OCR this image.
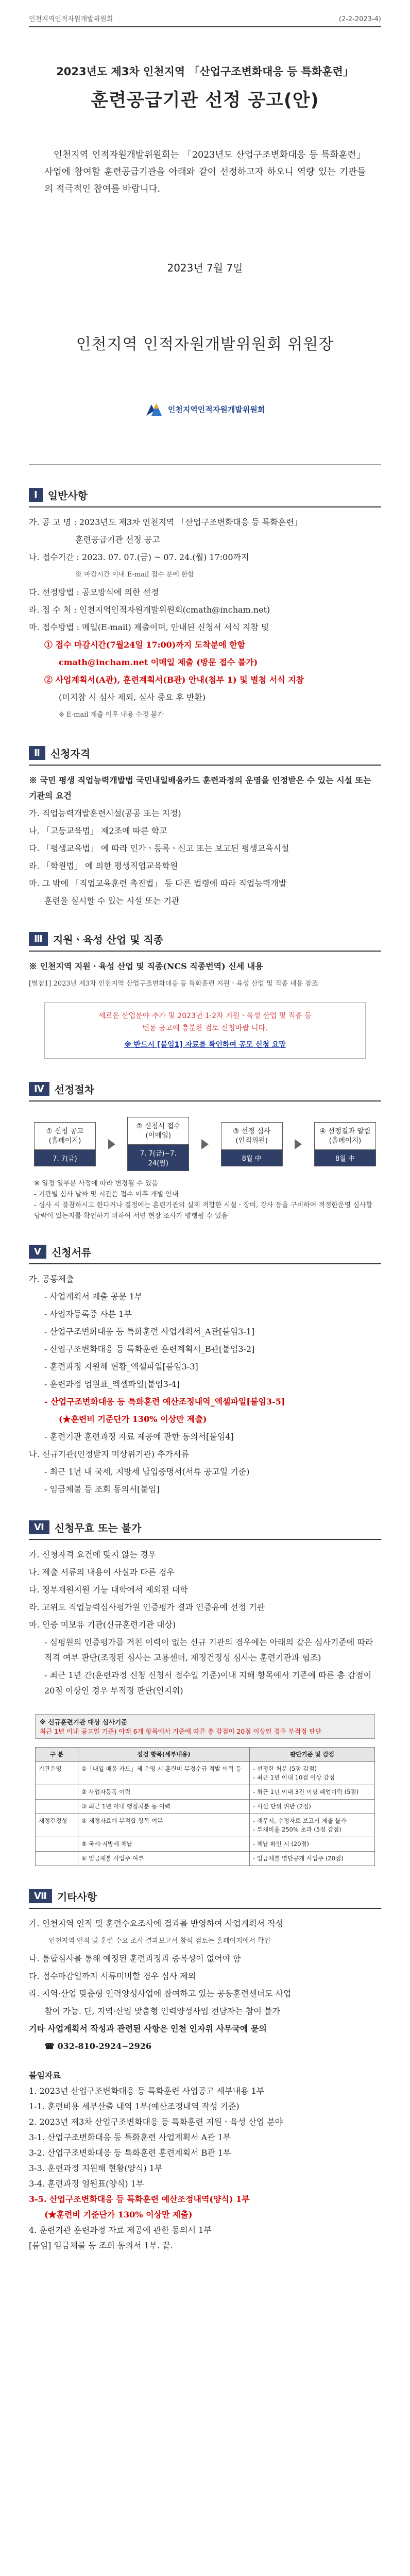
인천지역인적자원개발위원회	(2-2-2023-4)
2023년도 제3차 인천지역 「산업구조변화대응 등 특화훈련」
훈련공급기관 선정 공고(안)

인천지역 인적자원개발위원회는 「2023년도 산업구조변화대응 등 특화훈련」 사업에 참여할 훈련공급기관을 아래와 같이 선정하고자 하오니 역량 있는 기관들의 적극적인 참여를 바랍니다.

2023년 7월 7일
인천지역 인적자원개발위원회 위원장
인천지역인적자원개발위원회
Ⅰ	일반사항

가. 공 고 명 : 2023년도 제3차 인천지역 「산업구조변화대응 등 특화훈련」

훈련공급기관 선정 공고

나. 접수기간 : 2023. 07. 07.(금) ~ 07. 24.(월) 17:00까지

※ 마감시간 이내 E-mail 접수 분에 한함

다. 선정방법 : 공모방식에 의한 선정

라. 접 수 처 : 인천지역인적자원개발위원회(cmath@incham.net)

마. 접수방법 : 메일(E-mail) 제출이며, 안내된 신청서 서식 지참 및

① 접수 마감시간(7월24일 17:00)까지 도착분에 한함

cmath@incham.net 이메일 제출 (방문 접수 불가)

② 사업계획서(A관), 훈련계획서(B관) 안내(첨부 1) 및 별첨 서식 지참

(미지참 시 심사 제외, 심사 중요 후 반환)

※ E-mail 제출 이후 내용 수정 불가

Ⅱ	신청자격

※ 국민 평생 직업능력개발법 국민내일배움카드 훈련과정의 운영을 인정받은 수 있는 시설 또는 기관의 요건

가. 직업능력개발훈련시설(공공 또는 지정)

나. 「고등교육법」 제2조에 따른 학교

다. 「평생교육법」 에 따라 인가ㆍ등록ㆍ신고 또는 보고된 평생교육시설

라. 「학원법」 에 의한 평생직업교육학원

마. 그 밖에 「직업교육훈련 촉진법」 등 다른 법령에 따라 직업능력개발

훈련을 실시할 수 있는 시설 또는 기관

Ⅲ	지원ㆍ육성 산업 및 직종

※ 인천지역 지원ㆍ육성 산업 및 직종(NCS 직종번역) 신세 내용

[별첨1] 2023년 제3차 인천지역 산업구조변화대응 등 특화훈련 지원ㆍ육성 산업 및 직종 내용 참조

세로운 산업분야 추가 및 2023년 1·2차 지원ㆍ육성 산업 및 직종 등
변동 공고에 충분한 검토 신청바랍 니다.
※ 반드시 [붙임1] 자료를 확인하여 공모 신청 요망
Ⅳ	선정절차
① 신청 공고
(홈페이지)
7. 7(금)
② 신청서 접수
(이메일)
7. 7(금)~7. 24(월)
③ 선정 심사
(인적위원)
8월 中
④ 선정결과 알림
(홈페이지)
8월 中
※ 일정 일부분 사정에 따라 변경될 수 있음
- 기관별 심사 날짜 및 시간은 접수 이후 개별 안내
- 심사 시 불참하시고 한다거나 결정에는 훈련기관의 실제 적합한 시설ㆍ장비, 강사 등을 구비하여 적정한운영 심사할 당락이 있는지를 확인하기 위하여 서면 현장 조사가 병행될 수 있음
Ⅴ	신청서류

가. 공통제출

- 사업계획서 제출 공문 1부

- 사업자등록증 사본 1부

- 산업구조변화대응 등 특화훈련 사업계획서_A관[붙임3-1]

- 산업구조변화대응 등 특화훈련 훈련계획서_B관[붙임3-2]

- 훈련과정 지원해 현황_엑셀파일[붙임3-3]

- 훈련과정 엄원표_엑셀파일[붙임3-4]

- 산업구조변화대응 등 특화훈련 예산조정내역_엑셀파일[붙임3-5]

(★훈련비 기준단가 130% 이상만 제출)

- 훈련기관 훈련과정 자료 제공에 관한 동의서[붙임4]

나. 신규기관(인정받지 미상위기관) 추가서류

- 최근 1년 내 국세, 지방세 납입증명서(서류 공고일 기준)

- 임금체불 등 조회 동의서[붙임]

Ⅵ	신청무효 또는 불가

가. 신청자격 요건에 맞지 않는 경우

나. 제출 서류의 내용이 사실과 다른 경우

다. 정부재원지원 기능 대학에서 제외된 대학

라. 고위도 직업능력심사평가원 인증평가 결과 인증유예 선정 기관

마. 인증 미보유 기관(신규훈련기관 대상)

- 심평원의 인증평가를 거친 이력이 없는 신규 기관의 경우에는 아래의 같은 심사기준에 따라 적격 여부 판단(조정된 심사는 고용센터, 재정건정성 심사는 훈련기관과 협조)

- 최근 1년 간(훈련과정 신청 신청서 접수일 기준)이내 지해 항목에서 기준에 따른 총 감점이 20점 이상인 경우 부적정 판단(인지위)

※ 신규훈련기관 대상 심사기준
최근 1년 이내 공고일 기준) 아래 6개 항목에서 기준에 따른 총 감점이 20점 이상인 경우 부적정 판단
구 분	점검 항목(세부내용)	판단기준 및 감점
기관운영	①「내일 배움 카드」제 운영 시 훈련비 부정수급 적발 이력 등	- 선정한 처분 (5점 감점)
- 최근 1년 이내 10점 이상 감점
	② 사업자등록 이력	- 최근 1년 이내 3건 이상 폐업이력 (5점)
	③ 최근 1년 이내 행정처분 등 이력	- 시설 단위 위반 (2점)
재정건정성	④ 재정자료에 부적합 항목 여부	- 재무서, 수정자료 보고서 제출 불가
- 부채비율 250% 초과 (5점 감점)
	⑤ 국세·지방세 체납	- 체납 확인 시 (20점)
	⑥ 임금체불 사업주 여부	- 임금체불 명단공개 사업주 (20점)
Ⅶ	기타사항

가. 인천지역 인적 및 훈련수요조사에 결과를 반영하여 사업계획서 작성

- 인천지역 인적 및 훈련 수요 조사 결과보고서 참석 검토는 홈페이지에서 확인

나. 통합심사를 통해 예정된 훈련과정과 중복성이 없어야 함

다. 접수마감일까지 서류미비할 경우 심사 제외

라. 지역·산업 맞춤형 인력양성사업에 참여하고 있는 공동훈련센터도 사업

참여 가능. 단, 지역·산업 맞춤형 인력양성사업 전담자는 참여 불가

기타 사업계획서 작성과 관련된 사항은 인천 인자위 사무국에 문의

☎ 032-810-2924~2926

붙임자료

1. 2023년 산업구조변화대응 등 특화훈련 사업공고 세부내용 1부

1-1. 훈련비용 세부산출 내역 1부(예산조정내역 작성 기준)

2. 2023년 제3차 산업구조변화대응 등 특화훈련 지원ㆍ육성 산업 분야

3-1. 산업구조변화대응 등 특화훈련 사업계획서 A관 1부

3-2. 산업구조변화대응 등 특화훈련 훈련계획서 B관 1부

3-3. 훈련과정 지원해 현황(양식) 1부

3-4. 훈련과정 엄원표(양식) 1부

3-5. 산업구조변화대응 등 특화훈련 예산조정내역(양식) 1부

(★훈련비 기준단가 130% 이상만 제출)

4. 훈련기관 훈련과정 자료 제공에 관한 동의서 1부

[붙임] 임금체불 등 조회 동의서 1부. 끝.
